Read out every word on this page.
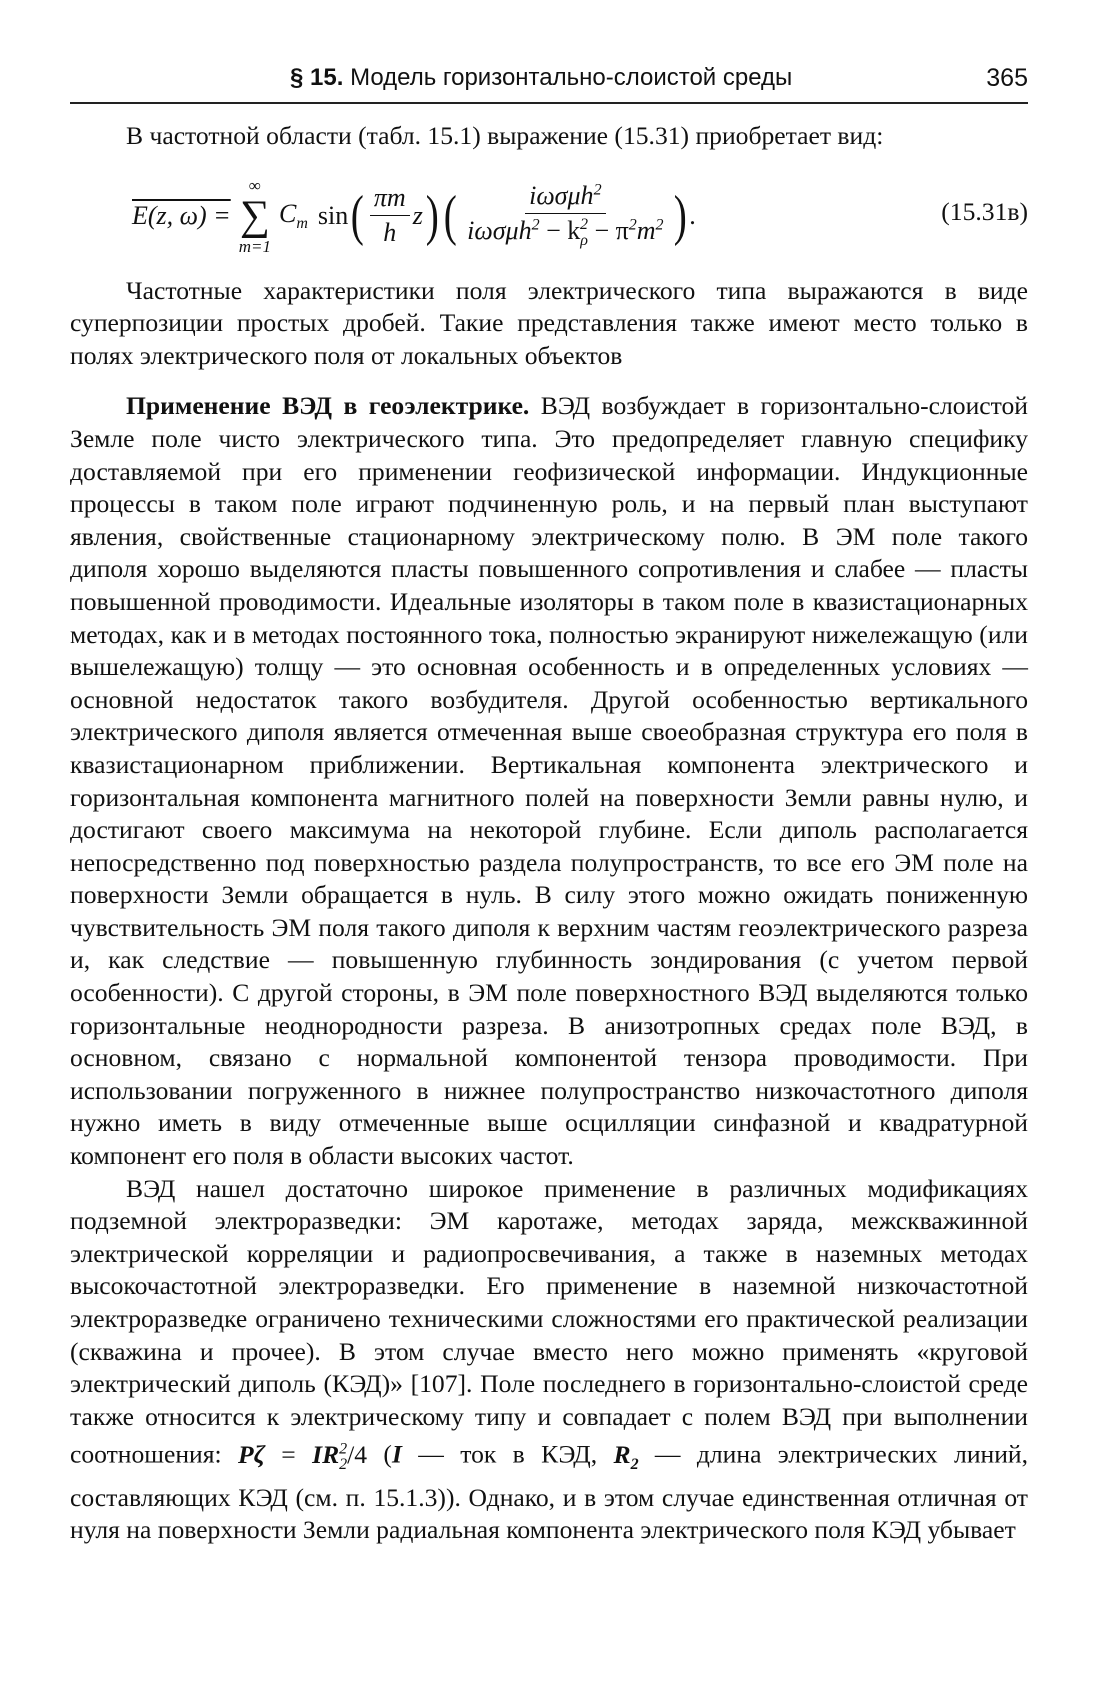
§ 15. Модель горизонтально-слоистой среды	365

В частотной области (табл. 15.1) выражение (15.31) приобретает вид:

E(z, ω) =
∞
∑
m=1
$C_m$ sin ( $\frac{\pi m}{h}$ z ) ( $\frac{i\omega\sigma\mu h^2}{i\omega\sigma\mu h^2 - k_\rho^2 - \pi^2m^2}$ ) .	(15.31в)

Частотные характеристики поля электрического типа выражаются в виде суперпозиции простых дробей. Такие представления также имеют место только в полях электрического поля от локальных объектов

Применение ВЭД в геоэлектрике. ВЭД возбуждает в горизонтально-слоистой Земле поле чисто электрического типа. Это предопределяет главную специфику доставляемой при его применении геофизической информации. Индукционные процессы в таком поле играют подчиненную роль, и на первый план выступают явления, свойственные стационарному электрическому полю. В ЭМ поле такого диполя хорошо выделяются пласты повышенного сопротивления и слабее — пласты повышенной проводимости. Идеальные изоляторы в таком поле в квазистационарных методах, как и в методах постоянного тока, полностью экранируют нижележащую (или вышележащую) толщу — это основная особенность и в определенных условиях — основной недостаток такого возбудителя. Другой особенностью вертикального электрического диполя является отмеченная выше своеобразная структура его поля в квазистационарном приближении. Вертикальная компонента электрического и горизонтальная компонента магнитного полей на поверхности Земли равны нулю, и достигают своего максимума на некоторой глубине. Если диполь располагается непосредственно под поверхностью раздела полупространств, то все его ЭМ поле на поверхности Земли обращается в нуль. В силу этого можно ожидать пониженную чувствительность ЭМ поля такого диполя к верхним частям геоэлектрического разреза и, как следствие — повышенную глубинность зондирования (с учетом первой особенности). С другой стороны, в ЭМ поле поверхностного ВЭД выделяются только горизонтальные неоднородности разреза. В анизотропных средах поле ВЭД, в основном, связано с нормальной компонентой тензора проводимости. При использовании погруженного в нижнее полупространство низкочастотного диполя нужно иметь в виду отмеченные выше осцилляции синфазной и квадратурной компонент его поля в области высоких частот.

ВЭД нашел достаточно широкое применение в различных модификациях подземной электроразведки: ЭМ каротаже, методах заряда, межскважинной электрической корреляции и радиопросвечивания, а также в наземных методах высокочастотной электроразведки. Его применение в наземной низкочастотной электроразведке ограничено техническими сложностями его практической реализации (скважина и прочее). В этом случае вместо него можно применять «круговой электрический диполь (КЭД)» [107]. Поле последнего в горизонтально-слоистой среде также относится к электрическому типу и совпадает с полем ВЭД при выполнении соотношения: $P\zeta = IR^2_2/4$ (I — ток в КЭД, $R_2$ — длина электрических линий, составляющих КЭД (см. п. 15.1.3)). Однако, и в этом случае единственная отличная от нуля на поверхности Земли радиальная компонента электрического поля КЭД убывает
